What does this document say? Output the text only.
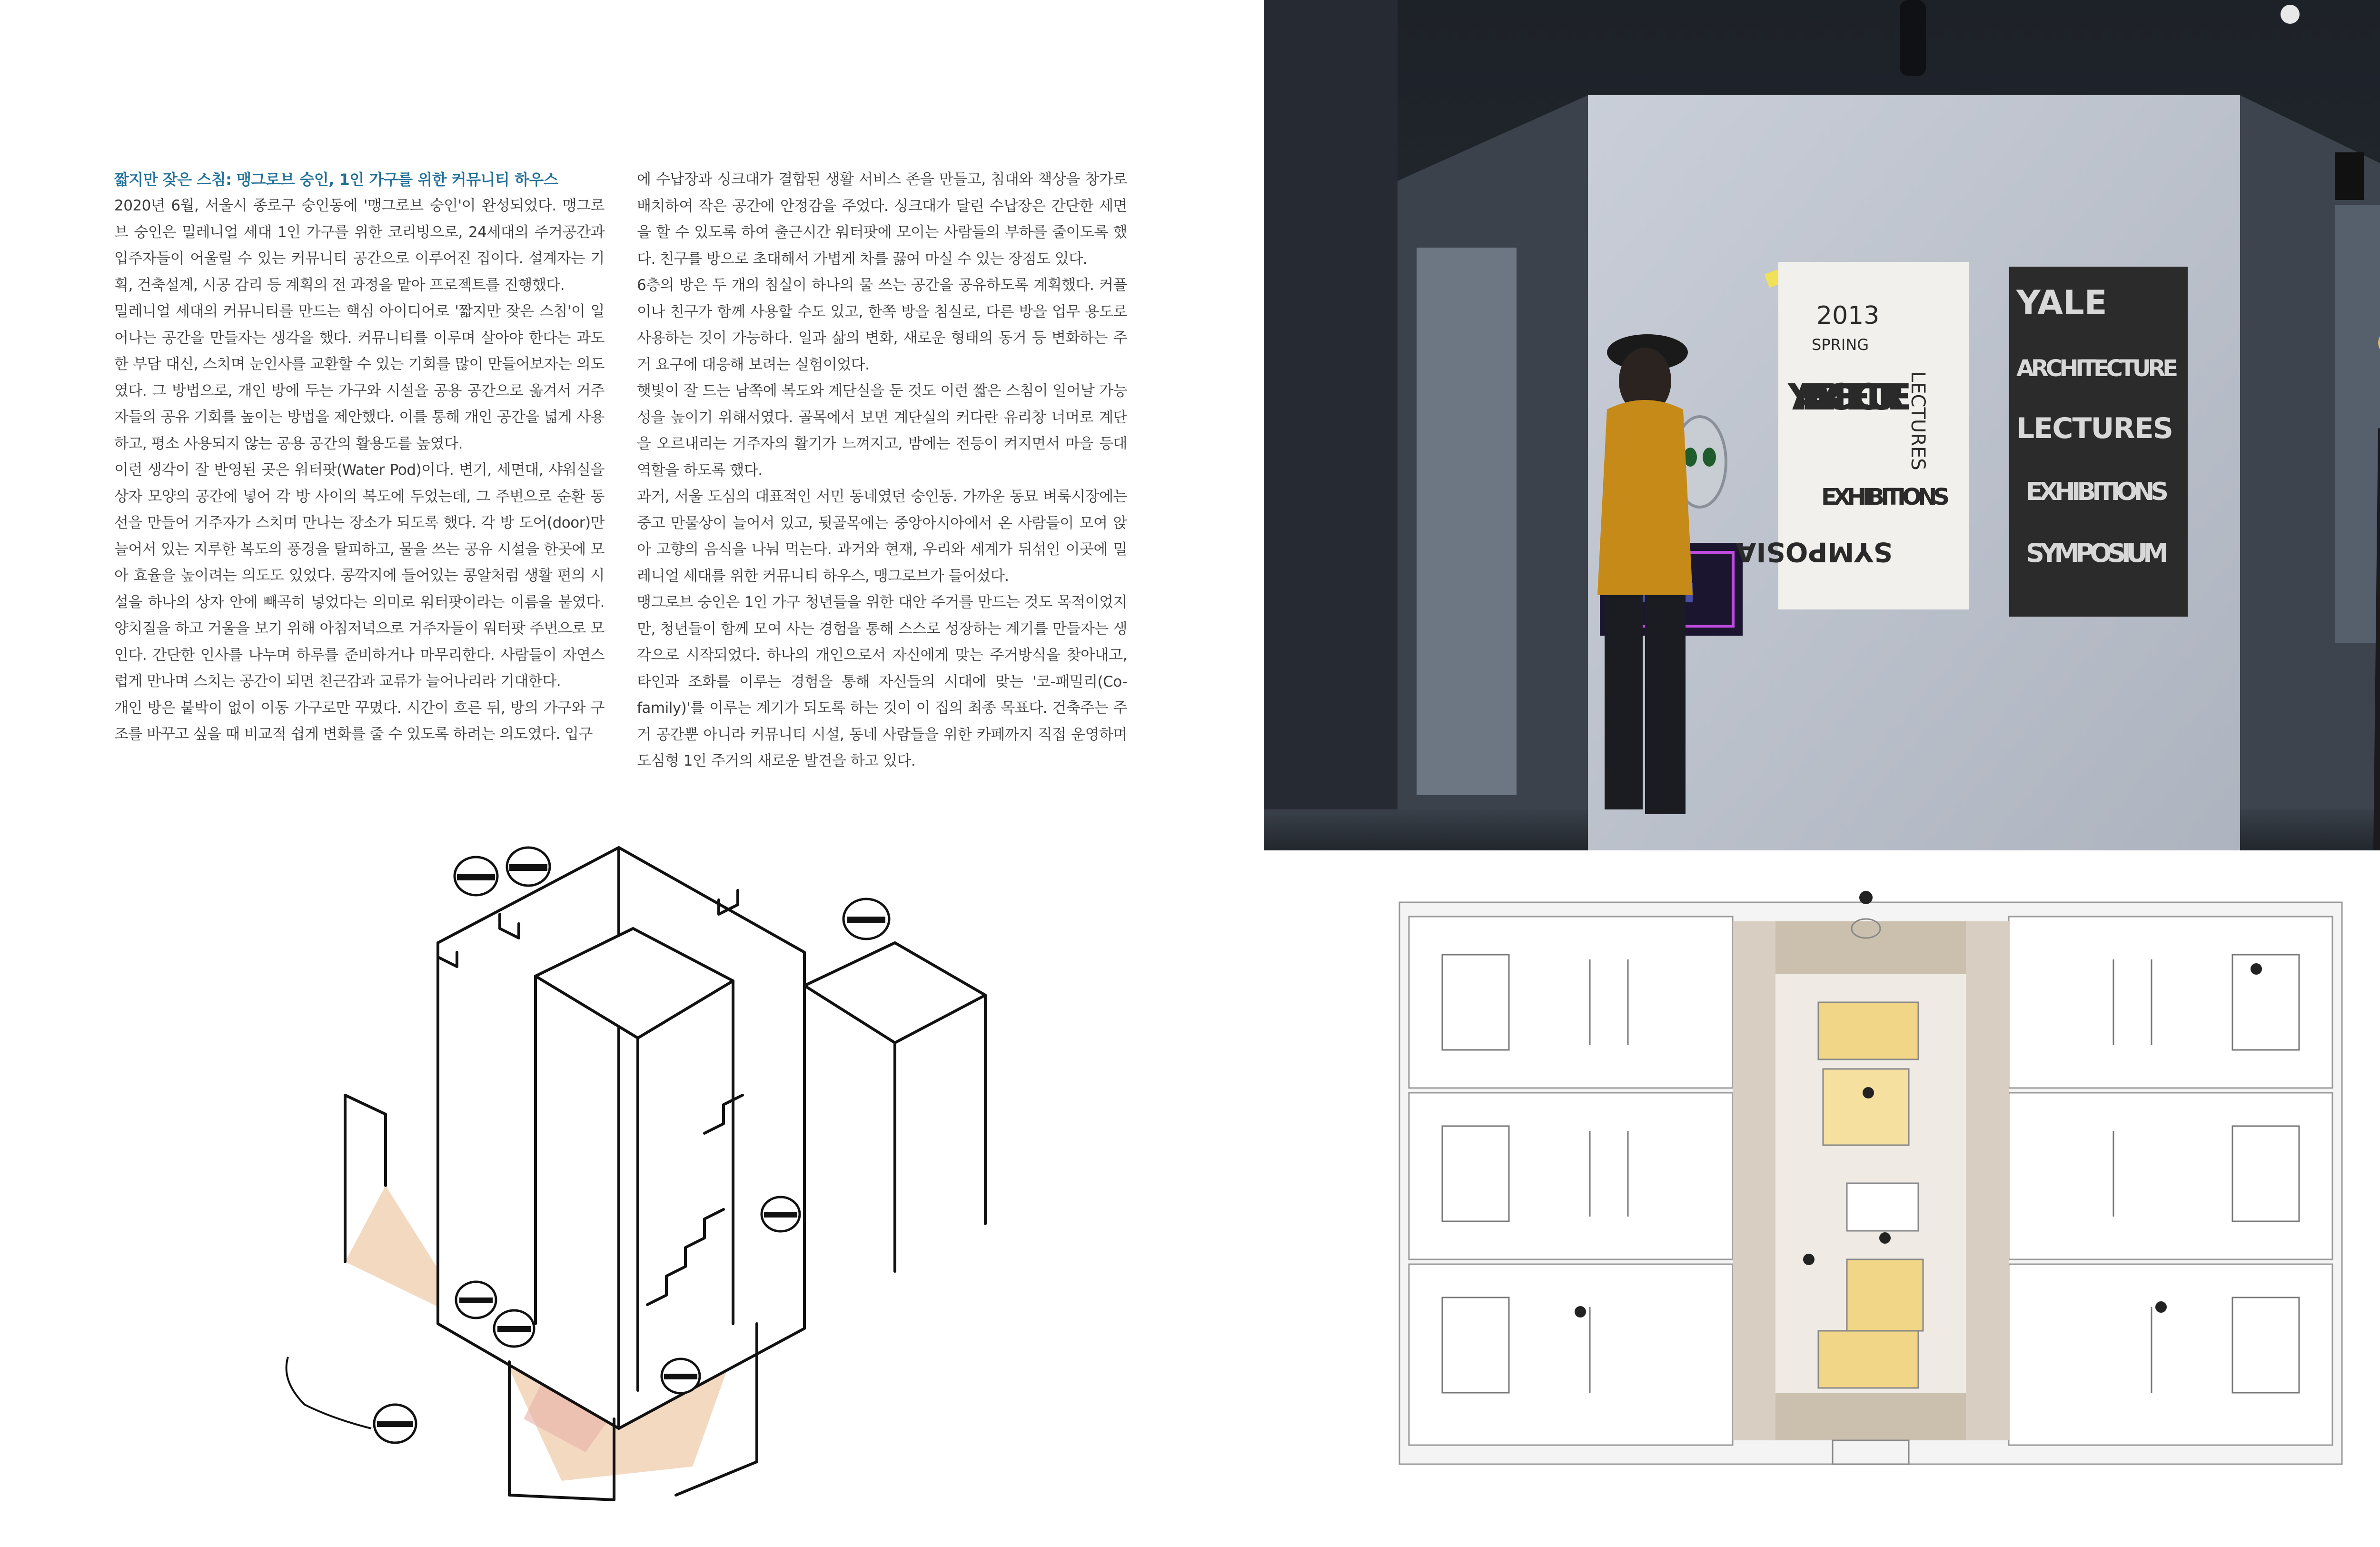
짧지만 잦은 스침: 맹그로브 숭인, 1인 가구를 위한 커뮤니티 하우스

2020년 6월, 서울시 종로구 숭인동에 '맹그로브 숭인'이 완성되었다. 맹그로브 숭인은 밀레니얼 세대 1인 가구를 위한 코리빙으로, 24세대의 주거공간과 입주자들이 어울릴 수 있는 커뮤니티 공간으로 이루어진 집이다. 설계자는 기획, 건축설계, 시공 감리 등 계획의 전 과정을 맡아 프로젝트를 진행했다.

밀레니얼 세대의 커뮤니티를 만드는 핵심 아이디어로 '짧지만 잦은 스침'이 일어나는 공간을 만들자는 생각을 했다. 커뮤니티를 이루며 살아야 한다는 과도한 부담 대신, 스치며 눈인사를 교환할 수 있는 기회를 많이 만들어보자는 의도였다. 그 방법으로, 개인 방에 두는 가구와 시설을 공용 공간으로 옮겨서 거주자들의 공유 기회를 높이는 방법을 제안했다. 이를 통해 개인 공간을 넓게 사용하고, 평소 사용되지 않는 공용 공간의 활용도를 높였다.

이런 생각이 잘 반영된 곳은 워터팟(Water Pod)이다. 변기, 세면대, 샤워실을 상자 모양의 공간에 넣어 각 방 사이의 복도에 두었는데, 그 주변으로 순환 동선을 만들어 거주자가 스치며 만나는 장소가 되도록 했다. 각 방 도어(door)만 늘어서 있는 지루한 복도의 풍경을 탈피하고, 물을 쓰는 공유 시설을 한곳에 모아 효율을 높이려는 의도도 있었다. 콩깍지에 들어있는 콩알처럼 생활 편의 시설을 하나의 상자 안에 빼곡히 넣었다는 의미로 워터팟이라는 이름을 붙였다. 양치질을 하고 거울을 보기 위해 아침저녁으로 거주자들이 워터팟 주변으로 모인다. 간단한 인사를 나누며 하루를 준비하거나 마무리한다. 사람들이 자연스럽게 만나며 스치는 공간이 되면 친근감과 교류가 늘어나리라 기대한다.

개인 방은 붙박이 없이 이동 가구로만 꾸몄다. 시간이 흐른 뒤, 방의 가구와 구조를 바꾸고 싶을 때 비교적 쉽게 변화를 줄 수 있도록 하려는 의도였다. 입구

에 수납장과 싱크대가 결합된 생활 서비스 존을 만들고, 침대와 책상을 창가로 배치하여 작은 공간에 안정감을 주었다. 싱크대가 달린 수납장은 간단한 세면을 할 수 있도록 하여 출근시간 워터팟에 모이는 사람들의 부하를 줄이도록 했다. 친구를 방으로 초대해서 가볍게 차를 끓여 마실 수 있는 장점도 있다.

6층의 방은 두 개의 침실이 하나의 물 쓰는 공간을 공유하도록 계획했다. 커플이나 친구가 함께 사용할 수도 있고, 한쪽 방을 침실로, 다른 방을 업무 용도로 사용하는 것이 가능하다. 일과 삶의 변화, 새로운 형태의 동거 등 변화하는 주거 요구에 대응해 보려는 실험이었다.

햇빛이 잘 드는 남쪽에 복도와 계단실을 둔 것도 이런 짧은 스침이 일어날 가능성을 높이기 위해서였다. 골목에서 보면 계단실의 커다란 유리창 너머로 계단을 오르내리는 거주자의 활기가 느껴지고, 밤에는 전등이 켜지면서 마을 등대 역할을 하도록 했다.

과거, 서울 도심의 대표적인 서민 동네였던 숭인동. 가까운 동묘 벼룩시장에는 중고 만물상이 늘어서 있고, 뒷골목에는 중앙아시아에서 온 사람들이 모여 앉아 고향의 음식을 나눠 먹는다. 과거와 현재, 우리와 세계가 뒤섞인 이곳에 밀레니얼 세대를 위한 커뮤니티 하우스, 맹그로브가 들어섰다.

맹그로브 숭인은 1인 가구 청년들을 위한 대안 주거를 만드는 것도 목적이었지만, 청년들이 함께 모여 사는 경험을 통해 스스로 성장하는 계기를 만들자는 생각으로 시작되었다. 하나의 개인으로서 자신에게 맞는 주거방식을 찾아내고, 타인과 조화를 이루는 경험을 통해 자신들의 시대에 맞는 '코-패밀리(Co-family)'를 이루는 계기가 되도록 하는 것이 이 집의 최종 목표다. 건축주는 주거 공간뿐 아니라 커뮤니티 시설, 동네 사람들을 위한 카페까지 직접 운영하며 도심형 1인 주거의 새로운 발견을 하고 있다.

2013
SPRING
YALE ARCHITECTURE
LECTURES
EXHIBITIONS
SYMPOSIA
YALE
ARCHITECTURE
LECTURES
EXHIBITIONS
SYMPOSIUM
